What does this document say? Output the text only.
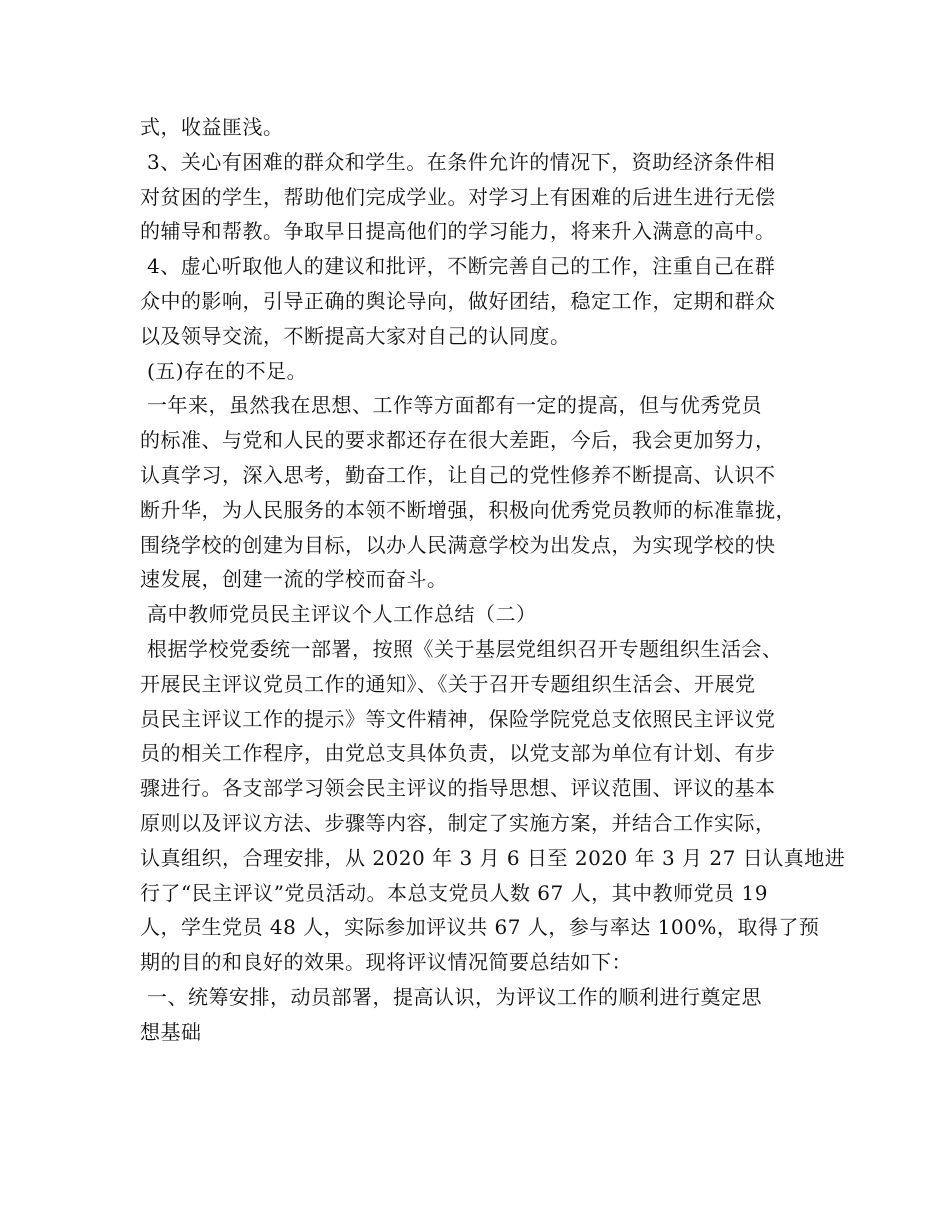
式，收益匪浅。
3、关心有困难的群众和学生。在条件允许的情况下，资助经济条件相
对贫困的学生，帮助他们完成学业。对学习上有困难的后进生进行无偿
的辅导和帮教。争取早日提高他们的学习能力，将来升入满意的高中。
4、虚心听取他人的建议和批评，不断完善自己的工作，注重自己在群
众中的影响，引导正确的舆论导向，做好团结，稳定工作，定期和群众
以及领导交流，不断提高大家对自己的认同度。
(五)存在的不足。
一年来，虽然我在思想、工作等方面都有一定的提高，但与优秀党员
的标准、与党和人民的要求都还存在很大差距，今后，我会更加努力，
认真学习，深入思考，勤奋工作，让自己的党性修养不断提高、认识不
断升华，为人民服务的本领不断增强，积极向优秀党员教师的标准靠拢，
围绕学校的创建为目标，以办人民满意学校为出发点，为实现学校的快
速发展，创建一流的学校而奋斗。
高中教师党员民主评议个人工作总结（二）
根据学校党委统一部署，按照《关于基层党组织召开专题组织生活会、
开展民主评议党员工作的通知》、《关于召开专题组织生活会、开展党
员民主评议工作的提示》等文件精神，保险学院党总支依照民主评议党
员的相关工作程序，由党总支具体负责，以党支部为单位有计划、有步
骤进行。各支部学习领会民主评议的指导思想、评议范围、评议的基本
原则以及评议方法、步骤等内容，制定了实施方案，并结合工作实际，
认真组织，合理安排，从 2020 年 3 月 6 日至 2020 年 3 月 27 日认真地进
行了“民主评议”党员活动。本总支党员人数 67 人，其中教师党员 19
人，学生党员 48 人，实际参加评议共 67 人，参与率达 100%，取得了预
期的目的和良好的效果。现将评议情况简要总结如下：
一、统筹安排，动员部署，提高认识，为评议工作的顺利进行奠定思
想基础
